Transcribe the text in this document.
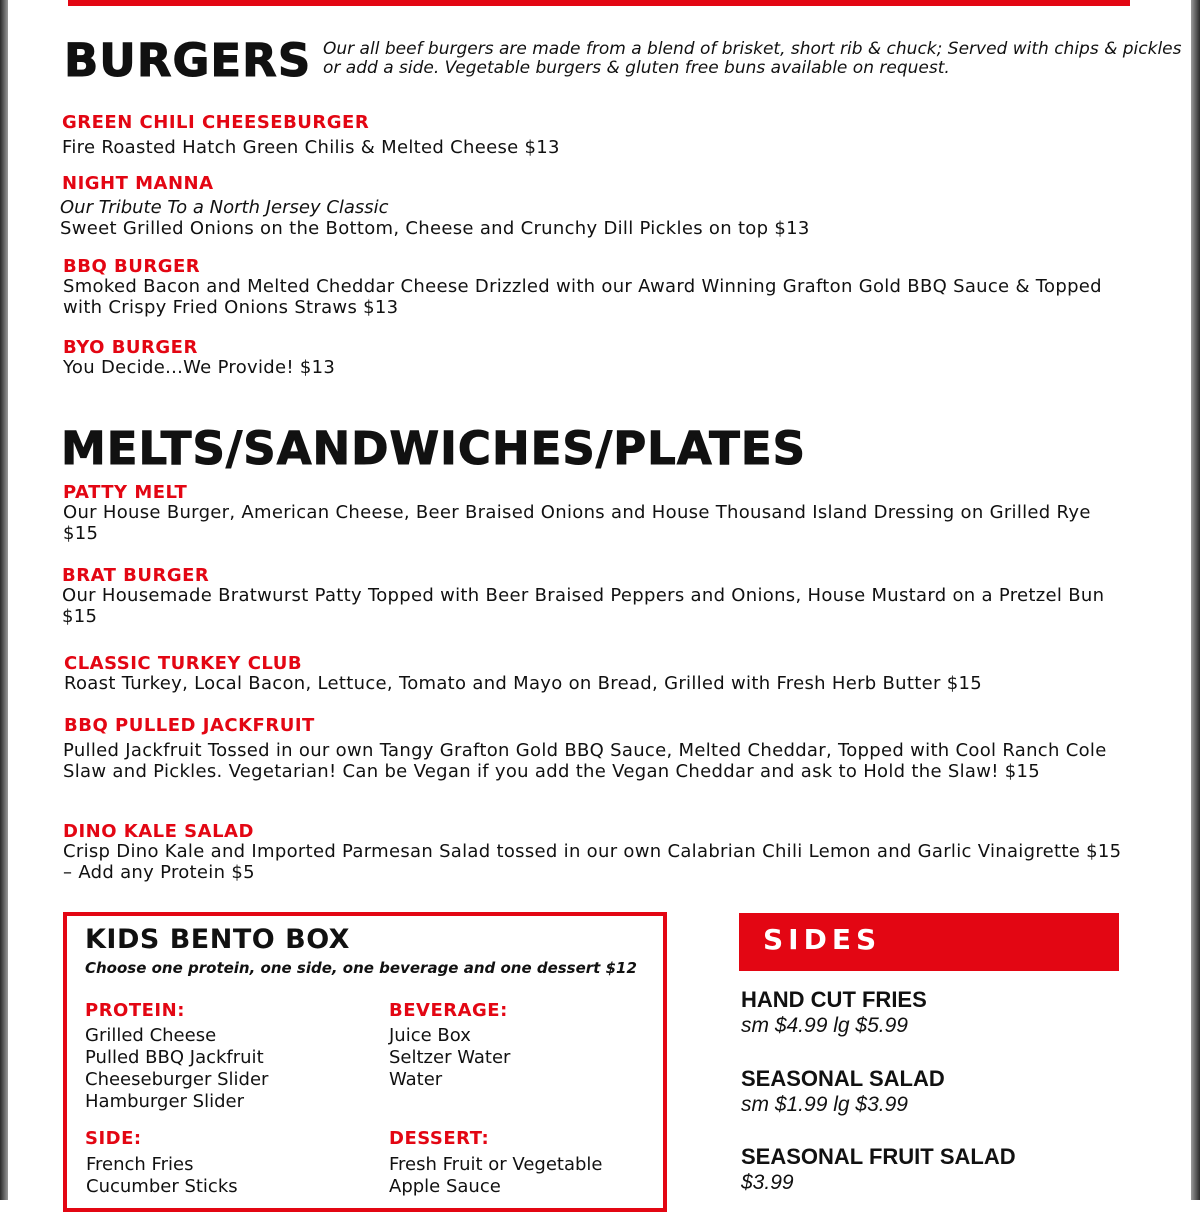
BURGERS Our all beef burgers are made from a blend of brisket, short rib & chuck; Served with chips & pickles or add a side. Vegetable burgers & gluten free buns available on request.
GREEN CHILI CHEESEBURGER
Fire Roasted Hatch Green Chilis & Melted Cheese $13
NIGHT MANNA
Our Tribute To a North Jersey Classic
Sweet Grilled Onions on the Bottom, Cheese and Crunchy Dill Pickles on top $13
BBQ BURGER
Smoked Bacon and Melted Cheddar Cheese Drizzled with our Award Winning Grafton Gold BBQ Sauce & Topped with Crispy Fried Onions Straws $13
BYO BURGER
You Decide...We Provide! $13
MELTS/SANDWICHES/PLATES
PATTY MELT
Our House Burger, American Cheese, Beer Braised Onions and House Thousand Island Dressing on Grilled Rye $15
BRAT BURGER
Our Housemade Bratwurst Patty Topped with Beer Braised Peppers and Onions, House Mustard on a Pretzel Bun $15
CLASSIC TURKEY CLUB
Roast Turkey, Local Bacon, Lettuce, Tomato and Mayo on Bread, Grilled with Fresh Herb Butter $15
BBQ PULLED JACKFRUIT
Pulled Jackfruit Tossed in our own Tangy Grafton Gold BBQ Sauce, Melted Cheddar, Topped with Cool Ranch Cole Slaw and Pickles. Vegetarian! Can be Vegan if you add the Vegan Cheddar and ask to Hold the Slaw! $15
DINO KALE SALAD
Crisp Dino Kale and Imported Parmesan Salad tossed in our own Calabrian Chili Lemon and Garlic Vinaigrette $15 – Add any Protein $5
KIDS BENTO BOX
Choose one protein, one side, one beverage and one dessert $12
PROTEIN:
Grilled Cheese
Pulled BBQ Jackfruit
Cheeseburger Slider
Hamburger Slider
BEVERAGE:
Juice Box
Seltzer Water
Water
SIDE:
French Fries
Cucumber Sticks
DESSERT:
Fresh Fruit or Vegetable
Apple Sauce
SIDES
HAND CUT FRIES
sm $4.99 lg $5.99
SEASONAL SALAD
sm $1.99 lg $3.99
SEASONAL FRUIT SALAD
$3.99
